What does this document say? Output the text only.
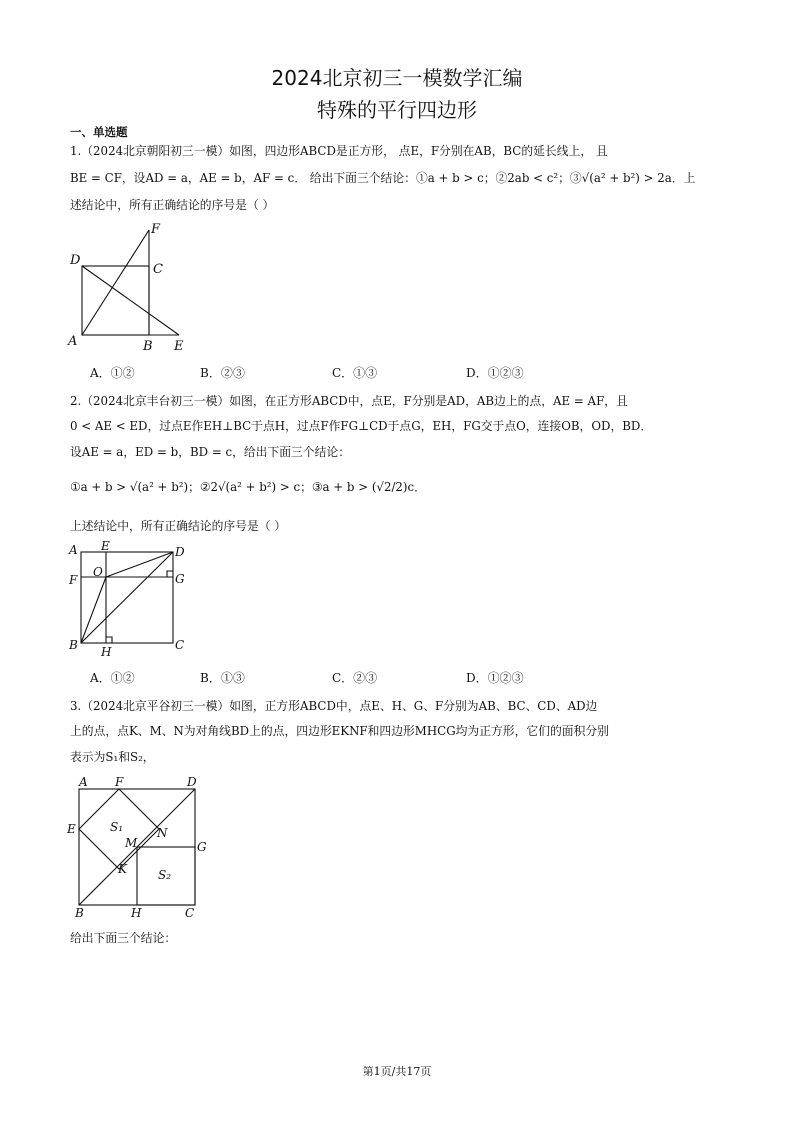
2024北京初三一模数学汇编
特殊的平行四边形
一、单选题
1.（2024北京朝阳初三一模）如图，四边形ABCD是正方形， 点E，F分别在AB，BC的延长线上， 且
BE = CF，设AD = a，AE = b，AF = c． 给出下面三个结论：①a + b > c；②2ab < c²；③√(a² + b²) > 2a．上
述结论中，所有正确结论的序号是（ ）
F
D
C
A	B E
A．①②	B．②③	C．①③	D．①②③
2.（2024北京丰台初三一模）如图，在正方形ABCD中，点E，F分别是AD，AB边上的点，AE = AF，且
0 < AE < ED，过点E作EH⊥BC于点H，过点F作FG⊥CD于点G，EH，FG交于点O，连接OB，OD，BD．
设AE = a，ED = b，BD = c，给出下面三个结论：
①a + b > √(a² + b²)；②2√(a² + b²) > c；③a + b > (√2/2)c．
上述结论中，所有正确结论的序号是（ ）
A E	D
F
O	G
B H	C
A．①②	B．①③	C．②③	D．①②③
3.（2024北京平谷初三一模）如图，正方形ABCD中，点E、H、G、F分别为AB、BC、CD、AD边
上的点，点K、M、N为对角线BD上的点，四边形EKNF和四边形MHCG均为正方形，它们的面积分别
表示为S₁和S₂，
A F	D
E	S₁	N
M	G
K	S₂
B	H	C
给出下面三个结论：
第1页/共17页
